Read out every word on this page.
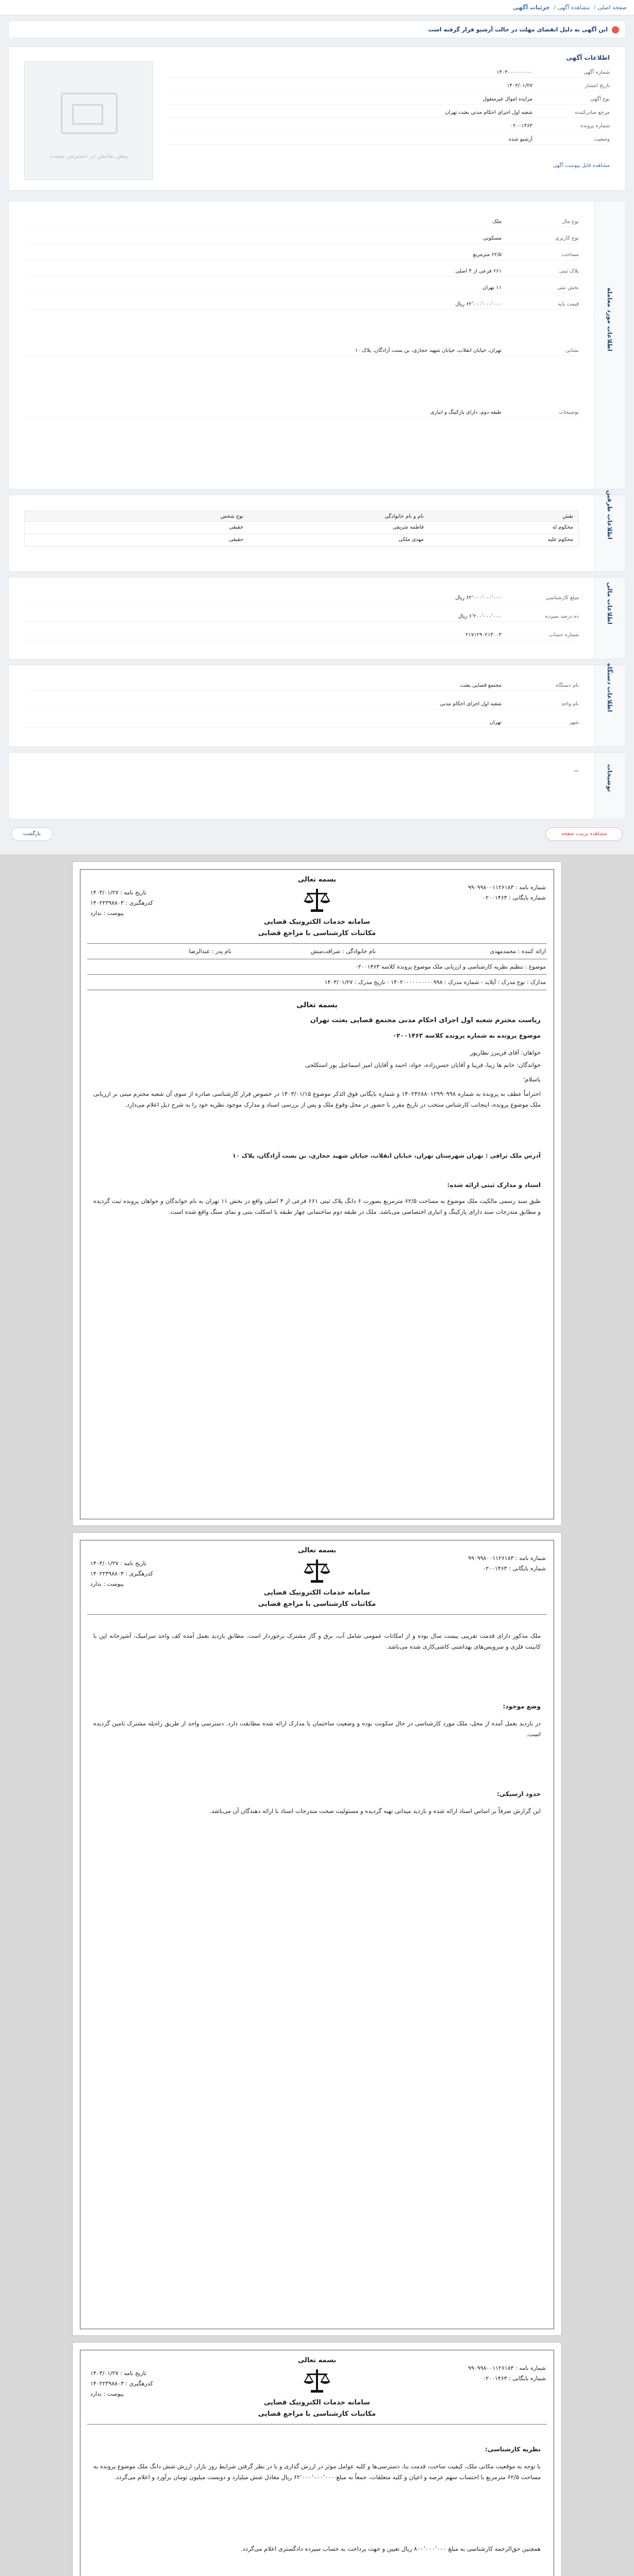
صفحه اصلی/ مشاهده آگهی/ جزئیات آگهی
این آگهی به دلیل انقضای مهلت در حالت آرشیو قرار گرفته است
پیش نمایش در دسترس نیست
اطلاعات آگهی
شماره آگهی
۱۴۰۳۰۰۰۰۰۰۰۰۰
تاریخ انتشار
۱۴۰۳/۰۱/۲۷
نوع آگهی
مزایده اموال غیرمنقول
مرجع صادرکننده
شعبه اول اجرای احکام مدنی بعثت تهران
شماره پرونده
۰۲۰۰۱۴۶۳
وضعیت
آرشیو شده
مشاهده فایل پیوست آگهی
اطلاعات مورد معامله
نوع مال
ملک
نوع کاربری
مسکونی
مساحت
۶۲/۵ مترمربع
پلاک ثبتی
۶۶۱ فرعی از ۴ اصلی
بخش ثبتی
۱۱ تهران
قیمت پایه
۶۲٬۰۰۰٬۰۰۰٬۰۰۰ ریال
نشانی
تهران، خیابان انقلاب، خیابان شهید حجازی، بن بست آزادگان، پلاک ۱۰
توضیحات
طبقه دوم، دارای پارکینگ و انباری
اطلاعات طرفین
نقش
نام و نام خانوادگی
نوع شخص
محکوم له
فاطمه شریفی
حقیقی
محکوم علیه
مهدی ملکی
حقیقی
اطلاعات مالی
مبلغ کارشناسی
۶۲٬۰۰۰٬۰۰۰٬۰۰۰ ریال
ده درصد سپرده
۶٬۲۰۰٬۰۰۰٬۰۰۰ ریال
شماره حساب
۲۱۷۱۲۹۰۲۱۴۰۰۳
اطلاعات دستگاه
نام دستگاه
مجتمع قضایی بعثت
نام واحد
شعبه اول اجرای احکام مدنی
شهر
تهران
توضیحات
—
مشاهده پرینت صفحه
بازگشت
شماره نامه : ۹۹۰۹۹۸۰۰۱۱۲۶۱۸۳
شماره بایگانی : ۰۲۰۰۱۴۶۳
تاریخ نامه : ۱۴۰۳/۰۱/۲۷
کدرهگیری : ۱۴۰۲۲۳۹۸۸۰۳
پیوست : ندارد
بسمه تعالی
سامانه خدمات الکترونیک قضایی
مکاتبات کارشناسی با مراجع قضایی
ارائه کننده : محمدمهدی
نام خانوادگی : شرافت‌منش
نام پدر : عبدالرضا
موضوع : تنظیم نظریه کارشناسی و ارزیابی ملک موضوع پرونده کلاسه ۰۲۰۰۱۴۶۳
مدارک : نوع مدرک : آپلاید - شماره مدرک : ۱۴۰۲۰۰۰۰۰۰۰۰۰۰۹۹۸ - تاریخ مدرک : ۱۴۰۳/۰۱/۲۷
بسمه تعالی
ریاست محترم شعبه اول اجرای احکام مدنی مجتمع قضایی بعثت تهران
موضوع پرونده به شماره پرونده کلاسه ۰۲۰۰۱۴۶۳
خواهان: آقای فریبرز نظارپور
خواندگان: خانم ها زیبا، فریبا و آقایان حسن‌زاده، جواد، احمد و آقایان امیر اسماعیل پور استکلجی
باسلام؛
احتراماً عطف به پرونده به شماره ۱۴۰۲۳۶۸۸۰۱۲۹۹۰۹۹۸ و شماره بایگانی فوق الذکر موضوع ۱۴۰۳/۰۱/۱۵ در خصوص قرار کارشناسی صادره از سوی آن شعبه محترم مبنی بر ارزیابی ملک موضوع پرونده، اینجانب کارشناس منتخب در تاریخ مقرر با حضور در محل وقوع ملک و پس از بررسی اسناد و مدارک موجود نظریه خود را به شرح ذیل اعلام می‌دارد.
آدرس ملک ترافی : تهران شهرستان تهران، خیابان انقلاب، خیابان شهید حجازی، بن بست آزادگان، پلاک ۱۰
اسناد و مدارک ثبتی ارائه شده:
طبق سند رسمی مالکیت ملک موضوع به مساحت ۶۲/۵ مترمربع بصورت ۶ دانگ پلاک ثبتی ۶۶۱ فرعی از ۴ اصلی واقع در بخش ۱۱ تهران به نام خواندگان و خواهان پرونده ثبت گردیده و مطابق مندرجات سند دارای پارکینگ و انباری اختصاصی می‌باشد. ملک در طبقه دوم ساختمانی چهار طبقه با اسکلت بتنی و نمای سنگ واقع شده است.
شماره نامه : ۹۹۰۹۹۸۰۰۱۱۲۶۱۸۳
شماره بایگانی : ۰۲۰۰۱۴۶۳
تاریخ نامه : ۱۴۰۳/۰۱/۲۷
کدرهگیری : ۱۴۰۲۲۳۹۸۸۰۳
پیوست : ندارد
بسمه تعالی
سامانه خدمات الکترونیک قضایی
مکاتبات کارشناسی با مراجع قضایی
ملک مذکور دارای قدمت تقریبی بیست سال بوده و از امکانات عمومی شامل آب، برق و گاز مشترک برخوردار است. مطابق بازدید بعمل آمده کف واحد سرامیک، آشپزخانه اپن با کابینت فلزی و سرویس‌های بهداشتی کاشی‌کاری شده می‌باشد.
وضع موجود:
در بازدید بعمل آمده از محل، ملک مورد کارشناسی در حال سکونت بوده و وضعیت ساختمان با مدارک ارائه شده مطابقت دارد. دسترسی واحد از طریق راه‌پله مشترک تامین گردیده است.
حدود ارسیکی:
این گزارش صرفاً بر اساس اسناد ارائه شده و بازدید میدانی تهیه گردیده و مسئولیت صحت مندرجات اسناد با ارائه دهندگان آن می‌باشد.
شماره نامه : ۹۹۰۹۹۸۰۰۱۱۲۶۱۸۳
شماره بایگانی : ۰۲۰۰۱۴۶۳
تاریخ نامه : ۱۴۰۳/۰۱/۲۷
کدرهگیری : ۱۴۰۲۲۳۹۸۸۰۳
پیوست : ندارد
بسمه تعالی
سامانه خدمات الکترونیک قضایی
مکاتبات کارشناسی با مراجع قضایی
نظریه کارشناسی:
با توجه به موقعیت مکانی ملک، کیفیت ساخت، قدمت بنا، دسترسی‌ها و کلیه عوامل موثر در ارزش گذاری و با در نظر گرفتن شرایط روز بازار، ارزش شش دانگ ملک موضوع پرونده به مساحت ۶۲/۵ مترمربع با احتساب سهم عرصه و اعیان و کلیه متعلقات، جمعاً به مبلغ ۶۲٬۰۰۰٬۰۰۰٬۰۰۰ ریال معادل شش میلیارد و دویست میلیون تومان برآورد و اعلام می‌گردد.
همچنین حق‌الزحمه کارشناسی به مبلغ ۸۰۰٬۰۰۰٬۰۰۰ ریال تعیین و جهت پرداخت به حساب سپرده دادگستری اعلام می‌گردد.
